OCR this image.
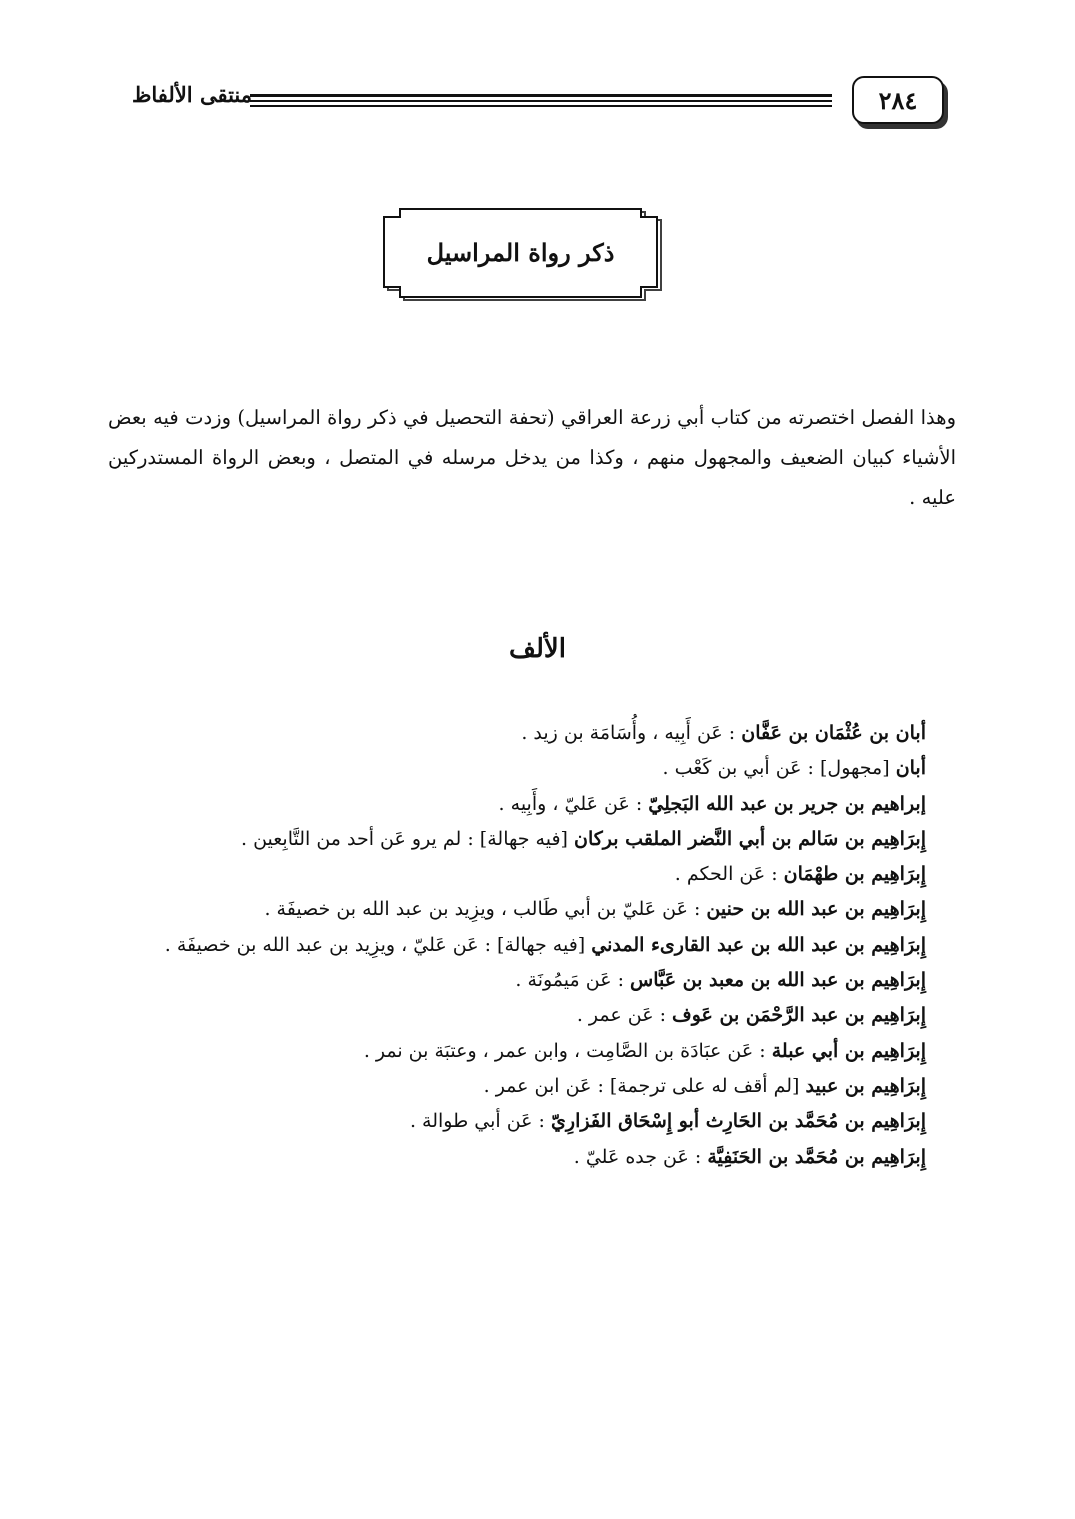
٢٨٤
منتقى الألفاظ
ذكر رواة المراسيل

وهذا الفصل اختصرته من كتاب أبي زرعة العراقي (تحفة التحصيل في ذكر رواة المراسيل) وزدت فيه بعض الأشياء كبيان الضعيف والمجهول منهم ، وكذا من يدخل مرسله في المتصل ، وبعض الرواة المستدركين عليه .

الألف

أبان بن عُثْمَان بن عَفَّان : عَن أَبِيه ، وأُسَامَة بن زيد .

أبان [مجهول] : عَن أبي بن كَعْب .

إبراهيم بن جرير بن عبد الله البَجلِيّ : عَن عَليّ ، وأَبِيه .

إِبرَاهِيم بن سَالم بن أبي النَّضر الملقب بركان [فيه جهالة] : لم يرو عَن أحد من التَّابِعين .

إِبرَاهِيم بن طهْمَان : عَن الحكم .

إِبرَاهِيم بن عبد الله بن حنين : عَن عَليّ بن أبي طَالب ، ويزِيد بن عبد الله بن خصيفَة .

إِبرَاهِيم بن عبد الله بن عبد القارىء المدني [فيه جهالة] : عَن عَليّ ، ويزِيد بن عبد الله بن خصيفَة .

إِبرَاهِيم بن عبد الله بن معبد بن عَبَّاس : عَن مَيمُونَة .

إِبرَاهِيم بن عبد الرَّحْمَن بن عَوف : عَن عمر .

إِبرَاهِيم بن أبي عبلة : عَن عبَادَة بن الصَّامِت ، وابن عمر ، وعتبَة بن نمر .

إِبرَاهِيم بن عبيد [لم أقف له على ترجمة] : عَن ابن عمر .

إِبرَاهِيم بن مُحَمَّد بن الحَارِث أبو إِسْحَاق الفَزارِيّ : عَن أبي طوالة .

إِبرَاهِيم بن مُحَمَّد بن الحَنَفِيَّة : عَن جده عَليّ .
